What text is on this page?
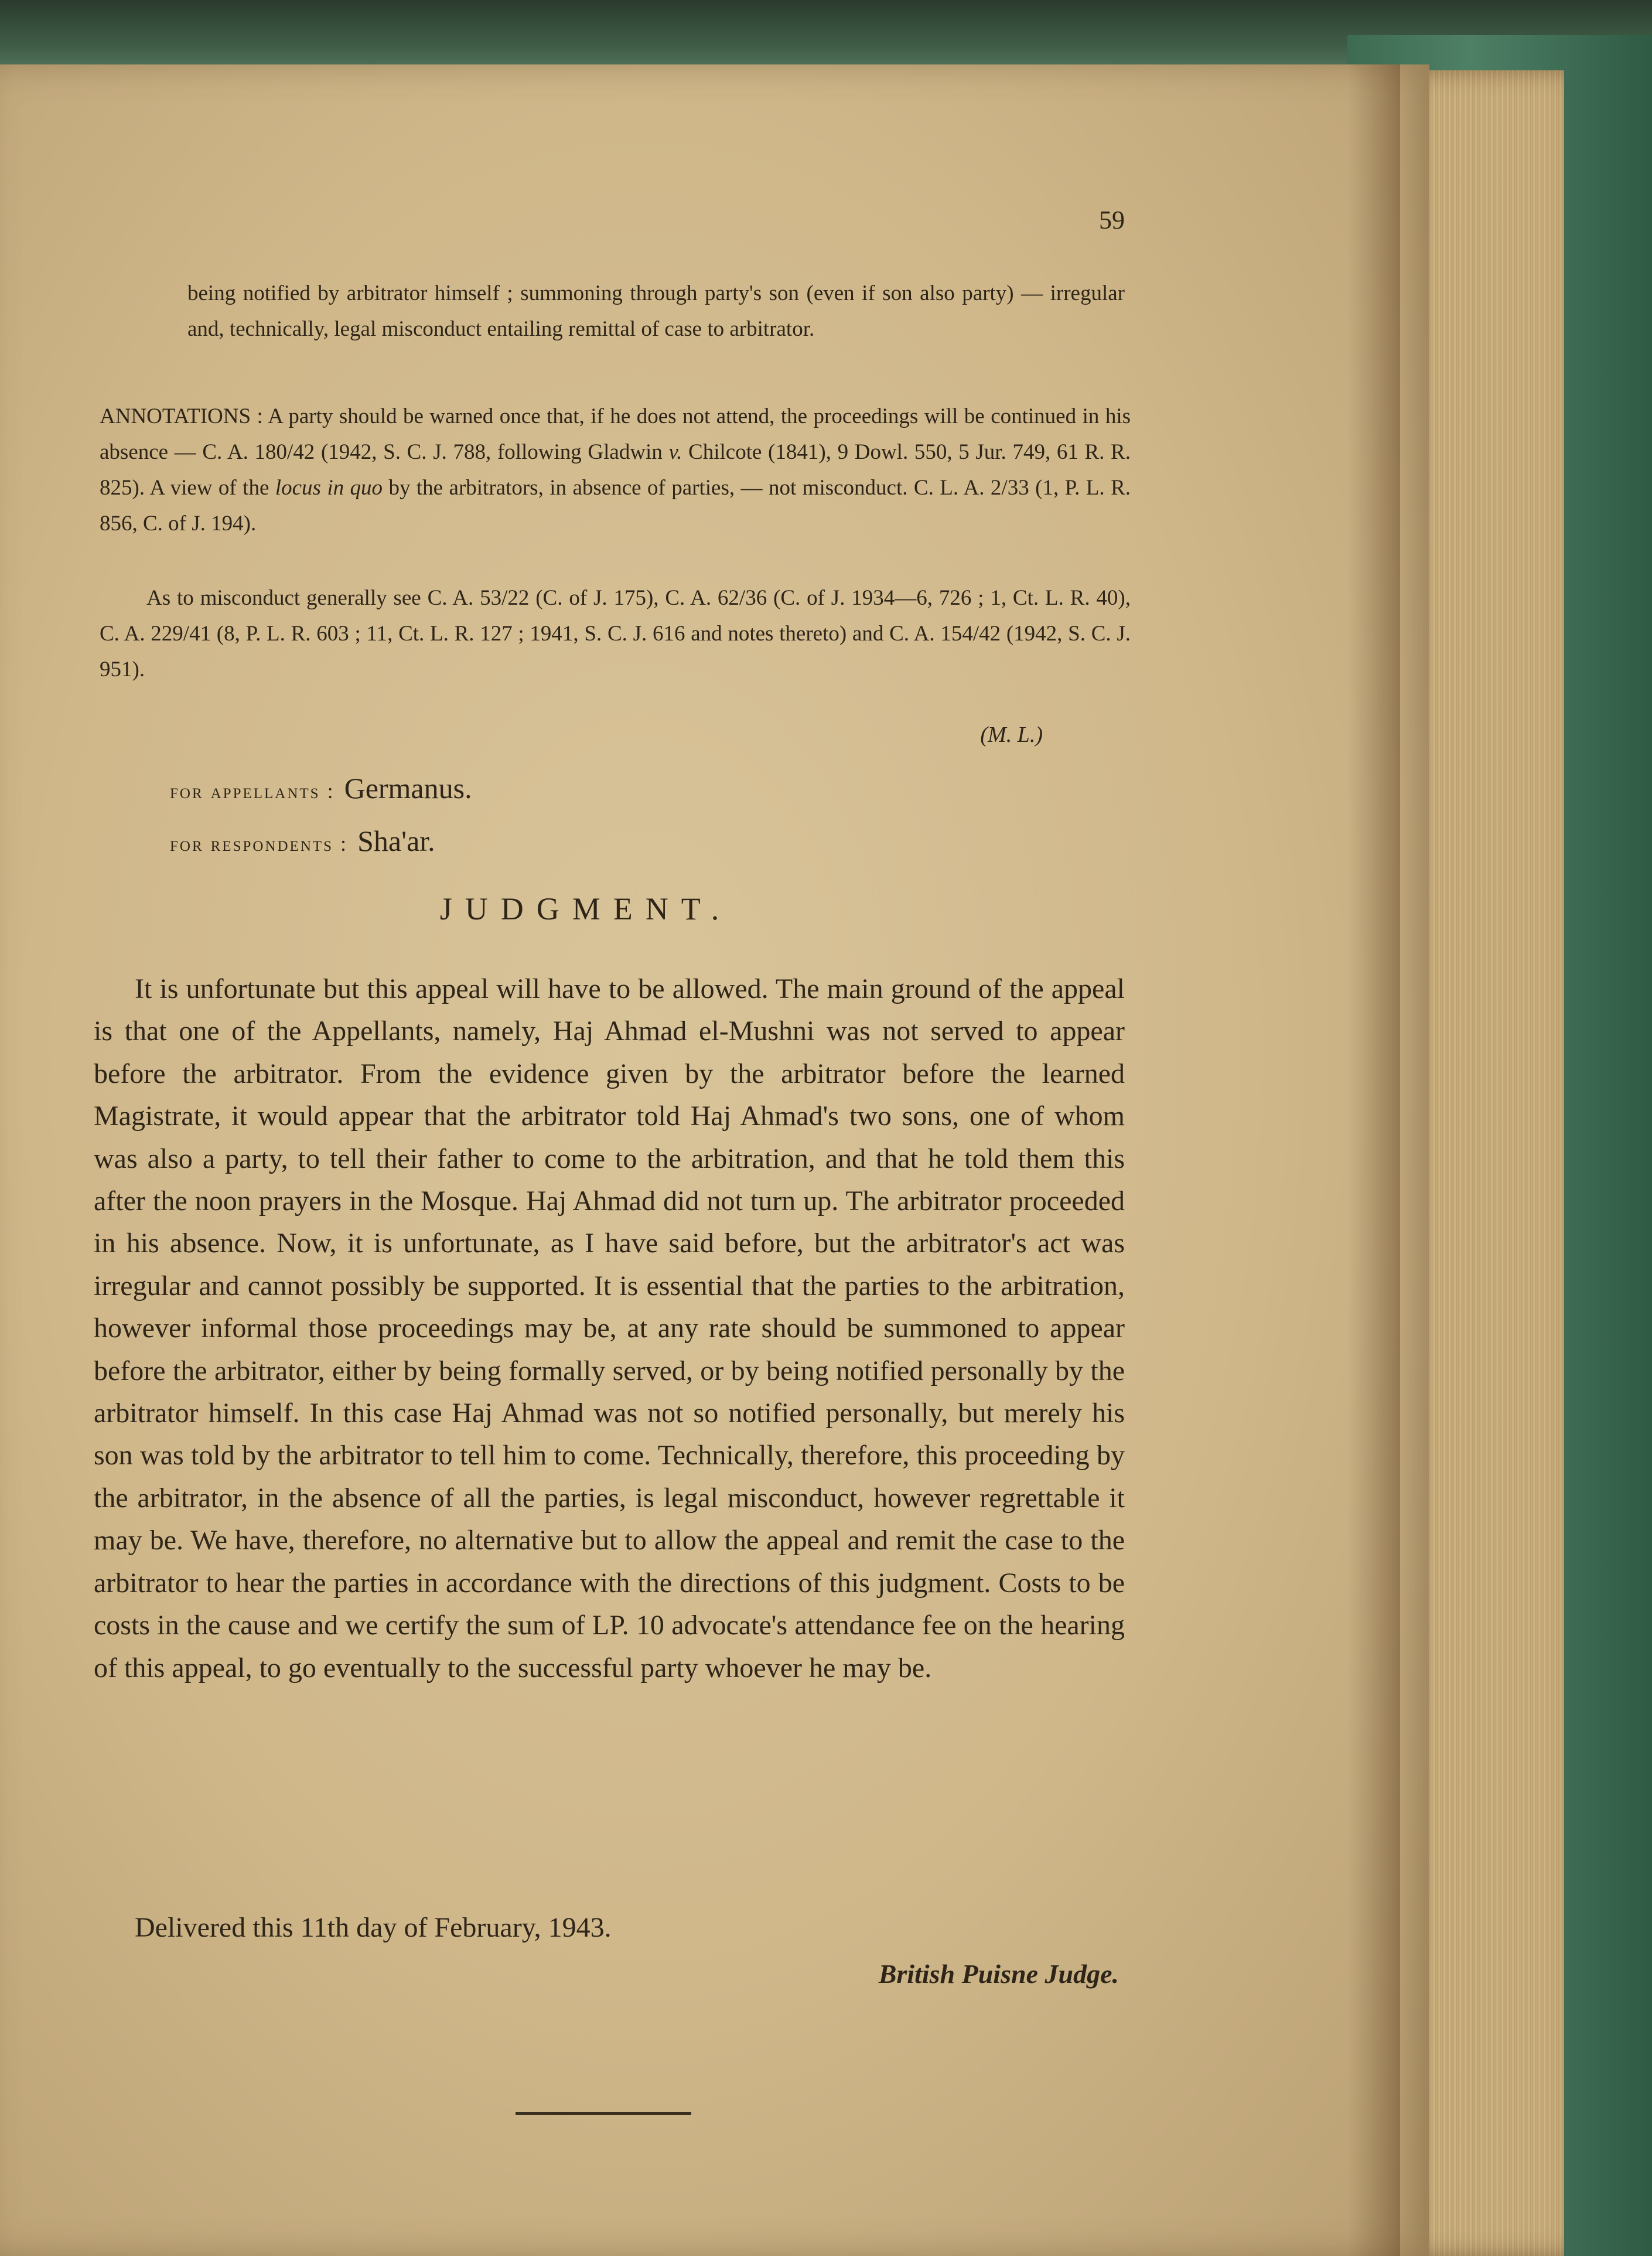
59

being notified by arbitrator himself ; summoning through party's son (even if son also party) — irregular and, technically, legal misconduct entailing remittal of case to arbitrator.

ANNOTATIONS : A party should be warned once that, if he does not attend, the proceedings will be continued in his absence — C. A. 180/42 (1942, S. C. J. 788, following Gladwin v. Chilcote (1841), 9 Dowl. 550, 5 Jur. 749, 61 R. R. 825). A view of the locus in quo by the arbitrators, in absence of parties, — not misconduct. C. L. A. 2/33 (1, P. L. R. 856, C. of J. 194).

As to misconduct generally see C. A. 53/22 (C. of J. 175), C. A. 62/36 (C. of J. 1934—6, 726 ; 1, Ct. L. R. 40), C. A. 229/41 (8, P. L. R. 603 ; 11, Ct. L. R. 127 ; 1941, S. C. J. 616 and notes thereto) and C. A. 154/42 (1942, S. C. J. 951).

(M. L.)
for appellants : Germanus.
for respondents : Sha'ar.
JUDGMENT.

It is unfortunate but this appeal will have to be allowed. The main ground of the appeal is that one of the Appellants, namely, Haj Ahmad el-Mushni was not served to appear before the arbitrator. From the evidence given by the arbitrator before the learned Magistrate, it would appear that the arbitrator told Haj Ahmad's two sons, one of whom was also a party, to tell their father to come to the arbitration, and that he told them this after the noon prayers in the Mosque. Haj Ahmad did not turn up. The arbitrator proceeded in his absence. Now, it is unfortunate, as I have said before, but the arbitrator's act was irregular and cannot possibly be supported. It is essential that the parties to the arbitration, however informal those proceedings may be, at any rate should be summoned to appear before the arbitrator, either by being formally served, or by being notified personally by the arbitrator himself. In this case Haj Ahmad was not so notified personally, but merely his son was told by the arbitrator to tell him to come. Technically, therefore, this proceeding by the arbitrator, in the absence of all the parties, is legal misconduct, however regrettable it may be. We have, therefore, no alternative but to allow the appeal and remit the case to the arbitrator to hear the parties in accordance with the directions of this judgment. Costs to be costs in the cause and we certify the sum of LP. 10 advocate's attendance fee on the hearing of this appeal, to go eventually to the successful party whoever he may be.

Delivered this 11th day of February, 1943.
British Puisne Judge.
